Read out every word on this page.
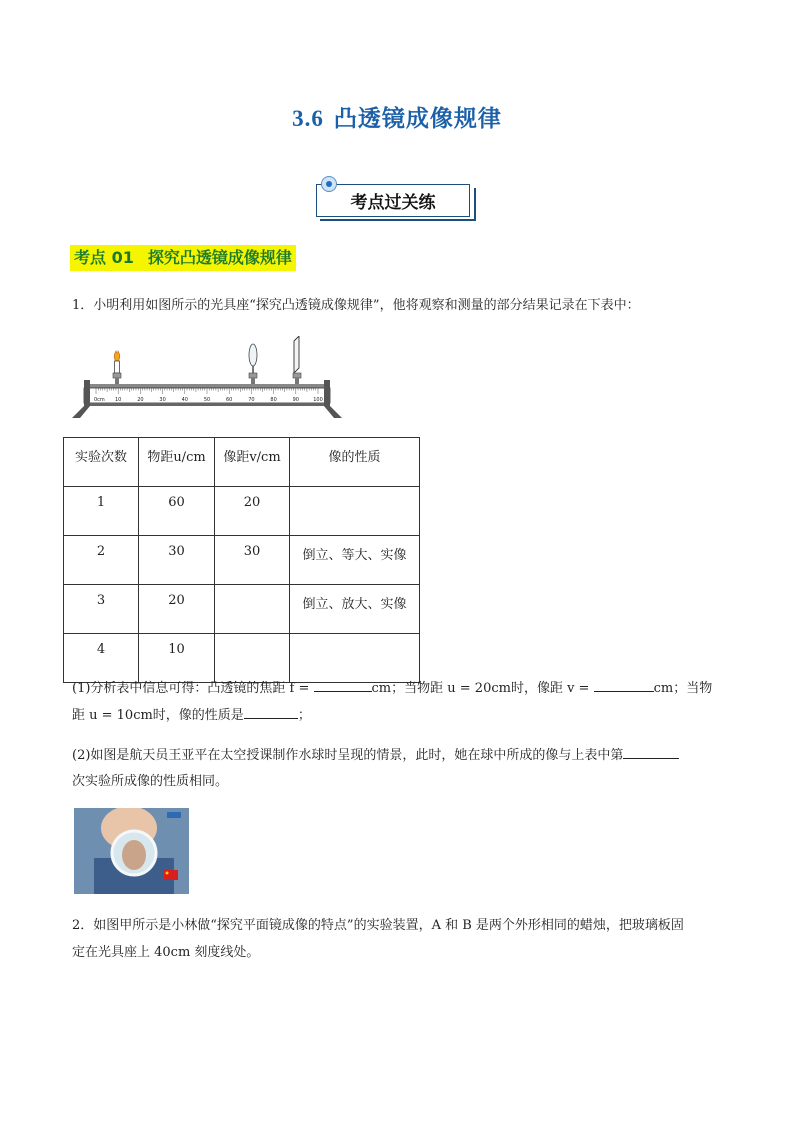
3.6 凸透镜成像规律
考点过关练
考点 01 探究凸透镜成像规律
1．小明利用如图所示的光具座“探究凸透镜成像规律”，他将观察和测量的部分结果记录在下表中：
0cm 10	20	30	40	50	60	70	80	90	100
实验次数	物距u/cm	像距v/cm	像的性质
1	60	20	
2	30	30	倒立、等大、实像
3	20		倒立、放大、实像
4	10		
(1)分析表中信息可得：凸透镜的焦距 f =	cm；当物距 u = 20cm时，像距 v =	cm；当物
距 u = 10cm时，像的性质是	；
(2)如图是航天员王亚平在太空授课制作水球时呈现的情景，此时，她在球中所成的像与上表中第
次实验所成像的性质相同。
2．如图甲所示是小林做“探究平面镜成像的特点”的实验装置，A 和 B 是两个外形相同的蜡烛，把玻璃板固
定在光具座上 40cm 刻度线处。
